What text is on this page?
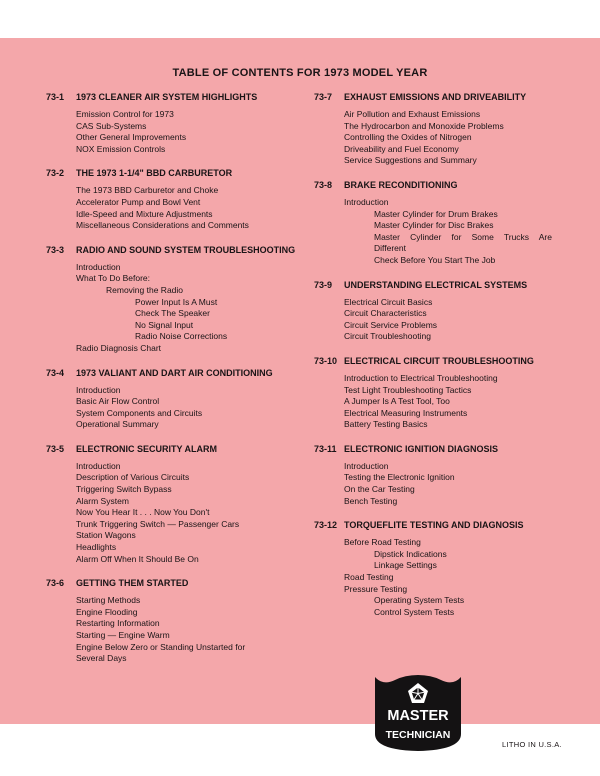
TABLE OF CONTENTS FOR 1973 MODEL YEAR
73-1	1973 CLEANER AIR SYSTEM HIGHLIGHTS
Emission Control for 1973
CAS Sub-Systems
Other General Improvements
NOX Emission Controls
73-2	THE 1973 1-1/4" BBD CARBURETOR
The 1973 BBD Carburetor and Choke
Accelerator Pump and Bowl Vent
Idle-Speed and Mixture Adjustments
Miscellaneous Considerations and Comments
73-3	RADIO AND SOUND SYSTEM TROUBLESHOOTING
Introduction
What To Do Before:
Removing the Radio
Power Input Is A Must
Check The Speaker
No Signal Input
Radio Noise Corrections
Radio Diagnosis Chart
73-4	1973 VALIANT AND DART AIR CONDITIONING
Introduction
Basic Air Flow Control
System Components and Circuits
Operational Summary
73-5	ELECTRONIC SECURITY ALARM
Introduction
Description of Various Circuits
Triggering Switch Bypass
Alarm System
Now You Hear It . . . Now You Don't
Trunk Triggering Switch — Passenger Cars
Station Wagons
Headlights
Alarm Off When It Should Be On
73-6	GETTING THEM STARTED
Starting Methods
Engine Flooding
Restarting Information
Starting — Engine Warm
Engine Below Zero or Standing Unstarted for
Several Days
73-7	EXHAUST EMISSIONS AND DRIVEABILITY
Air Pollution and Exhaust Emissions
The Hydrocarbon and Monoxide Problems
Controlling the Oxides of Nitrogen
Driveability and Fuel Economy
Service Suggestions and Summary
73-8	BRAKE RECONDITIONING
Introduction
Master Cylinder for Drum Brakes
Master Cylinder for Disc Brakes
Master Cylinder for Some Trucks Are
Different
Check Before You Start The Job
73-9	UNDERSTANDING ELECTRICAL SYSTEMS
Electrical Circuit Basics
Circuit Characteristics
Circuit Service Problems
Circuit Troubleshooting
73-10 ELECTRICAL CIRCUIT TROUBLESHOOTING
Introduction to Electrical Troubleshooting
Test Light Troubleshooting Tactics
A Jumper Is A Test Tool, Too
Electrical Measuring Instruments
Battery Testing Basics
73-11 ELECTRONIC IGNITION DIAGNOSIS
Introduction
Testing the Electronic Ignition
On the Car Testing
Bench Testing
73-12 TORQUEFLITE TESTING AND DIAGNOSIS
Before Road Testing
Dipstick Indications
Linkage Settings
Road Testing
Pressure Testing
Operating System Tests
Control System Tests
MASTER
TECHNICIAN
LITHO IN U.S.A.
